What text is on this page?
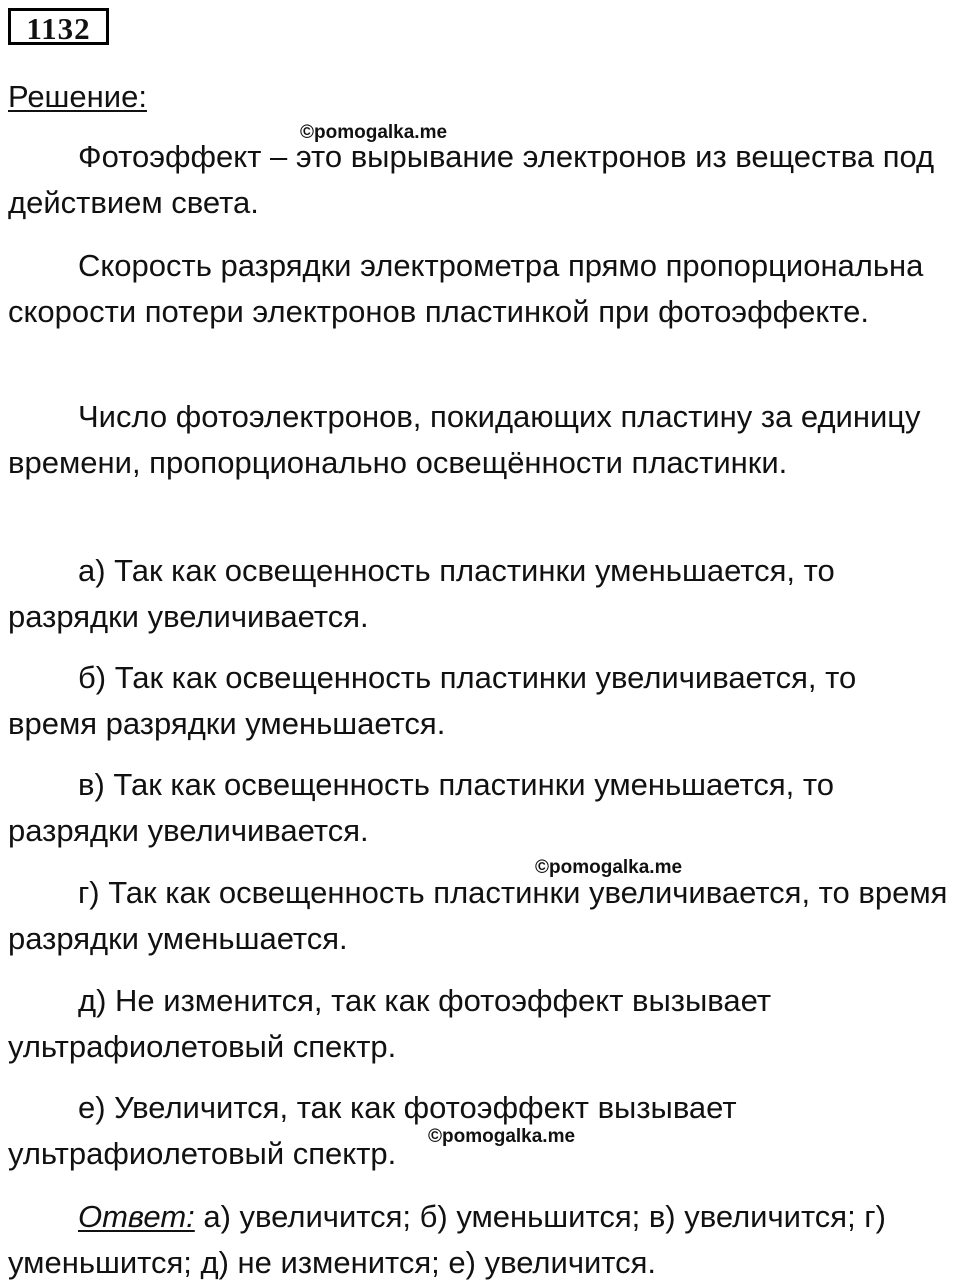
1132
Решение:
©pomogalka.me

Фотоэффект – это вырывание электронов из вещества под действием света.

Скорость разрядки электрометра прямо пропорциональна скорости потери электронов пластинкой при фотоэффекте.

Число фотоэлектронов, покидающих пластину за единицу времени, пропорционально освещённости пластинки.

а) Так как освещенность пластинки уменьшается, то разрядки увеличивается.

б) Так как освещенность пластинки увеличивается, то время разрядки уменьшается.

в) Так как освещенность пластинки уменьшается, то разрядки увеличивается.

©pomogalka.me

г) Так как освещенность пластинки увеличивается, то время разрядки уменьшается.

д) Не изменится, так как фотоэффект вызывает ультрафиолетовый спектр.

е) Увеличится, так как фотоэффект вызывает ультрафиолетовый спектр.	©pomogalka.me

Ответ: а) увеличится; б) уменьшится; в) увеличится; г) уменьшится; д) не изменится; е) увеличится.
